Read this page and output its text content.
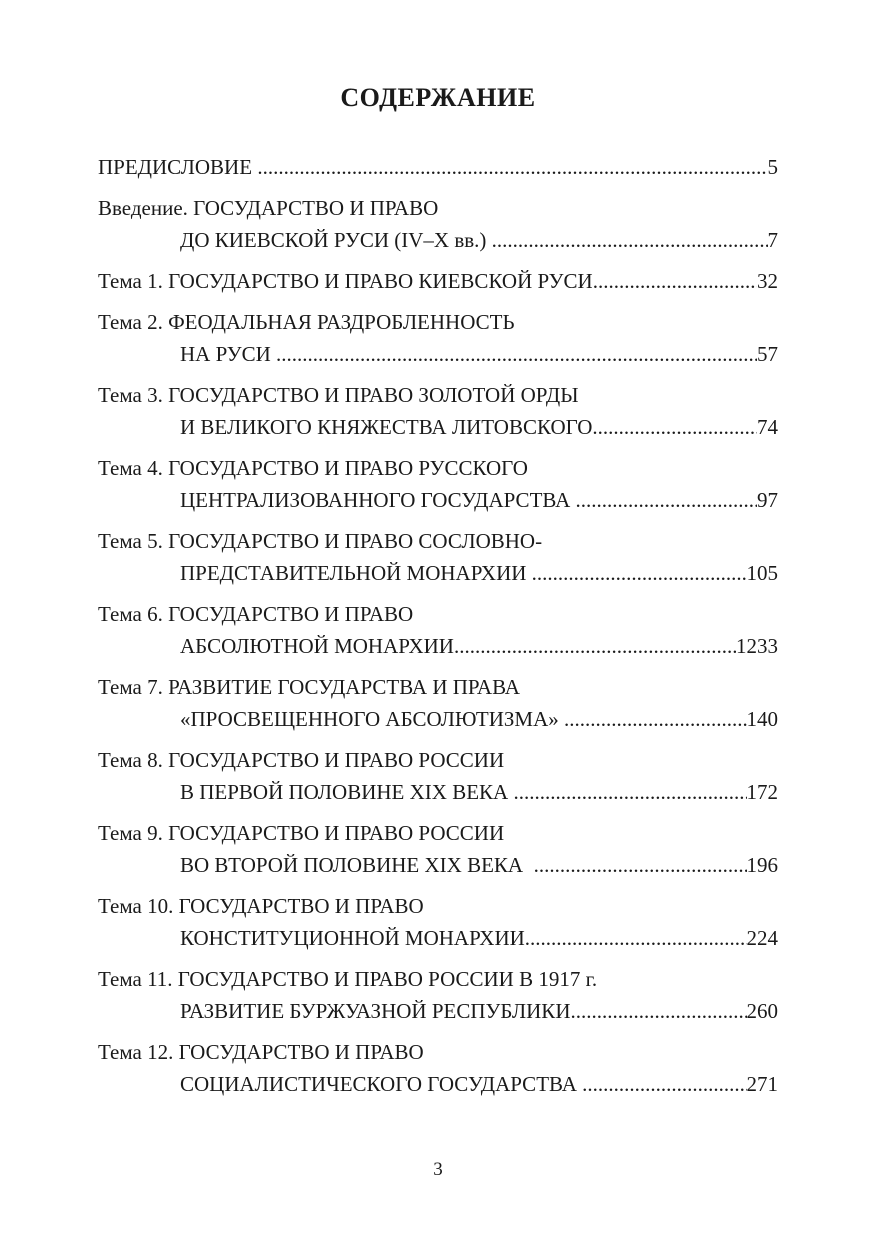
СОДЕРЖАНИЕ
ПРЕДИСЛОВИЕ .....	5
Введение. ГОСУДАРСТВО И ПРАВО
ДО КИЕВСКОЙ РУСИ (IV–X вв.) .....	7
Тема 1. ГОСУДАРСТВО И ПРАВО КИЕВСКОЙ РУСИ .....	32
Тема 2. ФЕОДАЛЬНАЯ РАЗДРОБЛЕННОСТЬ
НА РУСИ .....	57
Тема 3. ГОСУДАРСТВО И ПРАВО ЗОЛОТОЙ ОРДЫ
И ВЕЛИКОГО КНЯЖЕСТВА ЛИТОВСКОГО .....	74
Тема 4. ГОСУДАРСТВО И ПРАВО РУССКОГО
ЦЕНТРАЛИЗОВАННОГО ГОСУДАРСТВА .....	97
Тема 5. ГОСУДАРСТВО И ПРАВО СОСЛОВНО-
ПРЕДСТАВИТЕЛЬНОЙ МОНАРХИИ .....	105
Тема 6. ГОСУДАРСТВО И ПРАВО
АБСОЛЮТНОЙ МОНАРХИИ .....	1233
Тема 7. РАЗВИТИЕ ГОСУДАРСТВА И ПРАВА
«ПРОСВЕЩЕННОГО АБСОЛЮТИЗМА» .....	140
Тема 8. ГОСУДАРСТВО И ПРАВО РОССИИ
В ПЕРВОЙ ПОЛОВИНЕ XIX ВЕКА .....	172
Тема 9. ГОСУДАРСТВО И ПРАВО РОССИИ
ВО ВТОРОЙ ПОЛОВИНЕ XIX ВЕКА .....	196
Тема 10. ГОСУДАРСТВО И ПРАВО
КОНСТИТУЦИОННОЙ МОНАРХИИ .....	224
Тема 11. ГОСУДАРСТВО И ПРАВО РОССИИ В 1917 г.
РАЗВИТИЕ БУРЖУАЗНОЙ РЕСПУБЛИКИ .....	260
Тема 12. ГОСУДАРСТВО И ПРАВО
СОЦИАЛИСТИЧЕСКОГО ГОСУДАРСТВА .....	271
3
